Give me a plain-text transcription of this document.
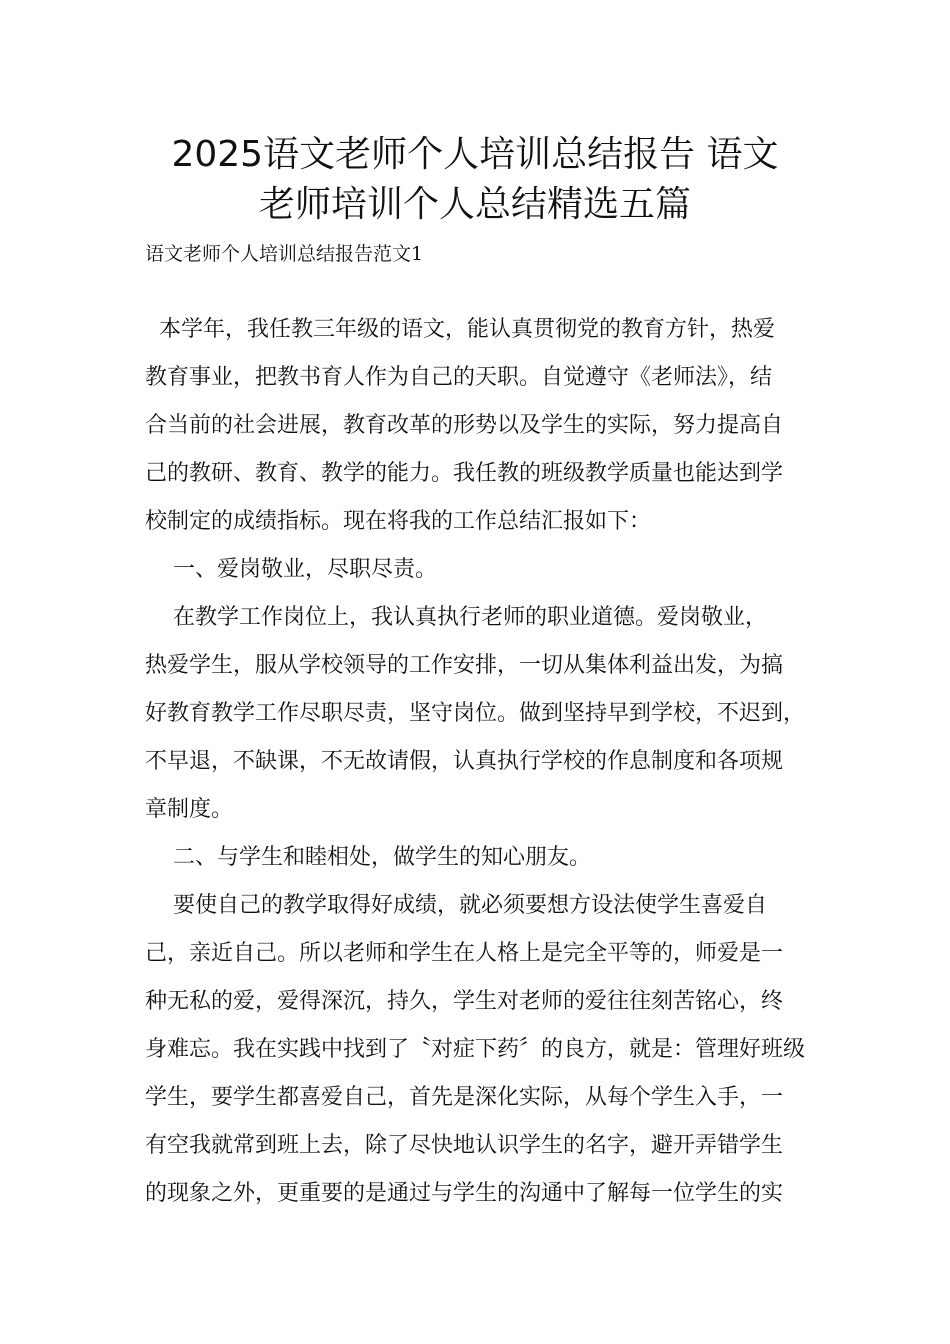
2025语文老师个人培训总结报告 语文
老师培训个人总结精选五篇
语文老师个人培训总结报告范文1
本学年，我任教三年级的语文，能认真贯彻党的教育方针，热爱
教育事业，把教书育人作为自己的天职。自觉遵守《老师法》，结
合当前的社会进展，教育改革的形势以及学生的实际，努力提高自
己的教研、教育、教学的能力。我任教的班级教学质量也能达到学
校制定的成绩指标。现在将我的工作总结汇报如下：
一、爱岗敬业，尽职尽责。
在教学工作岗位上，我认真执行老师的职业道德。爱岗敬业，
热爱学生，服从学校领导的工作安排，一切从集体利益出发，为搞
好教育教学工作尽职尽责，坚守岗位。做到坚持早到学校，不迟到，
不早退，不缺课，不无故请假，认真执行学校的作息制度和各项规
章制度。
二、与学生和睦相处，做学生的知心朋友。
要使自己的教学取得好成绩，就必须要想方设法使学生喜爱自
己，亲近自己。所以老师和学生在人格上是完全平等的，师爱是一
种无私的爱，爱得深沉，持久，学生对老师的爱往往刻苦铭心，终
身难忘。我在实践中找到了〝对症下药〞的良方，就是：管理好班级
学生，要学生都喜爱自己，首先是深化实际，从每个学生入手，一
有空我就常到班上去，除了尽快地认识学生的名字，避开弄错学生
的现象之外，更重要的是通过与学生的沟通中了解每一位学生的实
